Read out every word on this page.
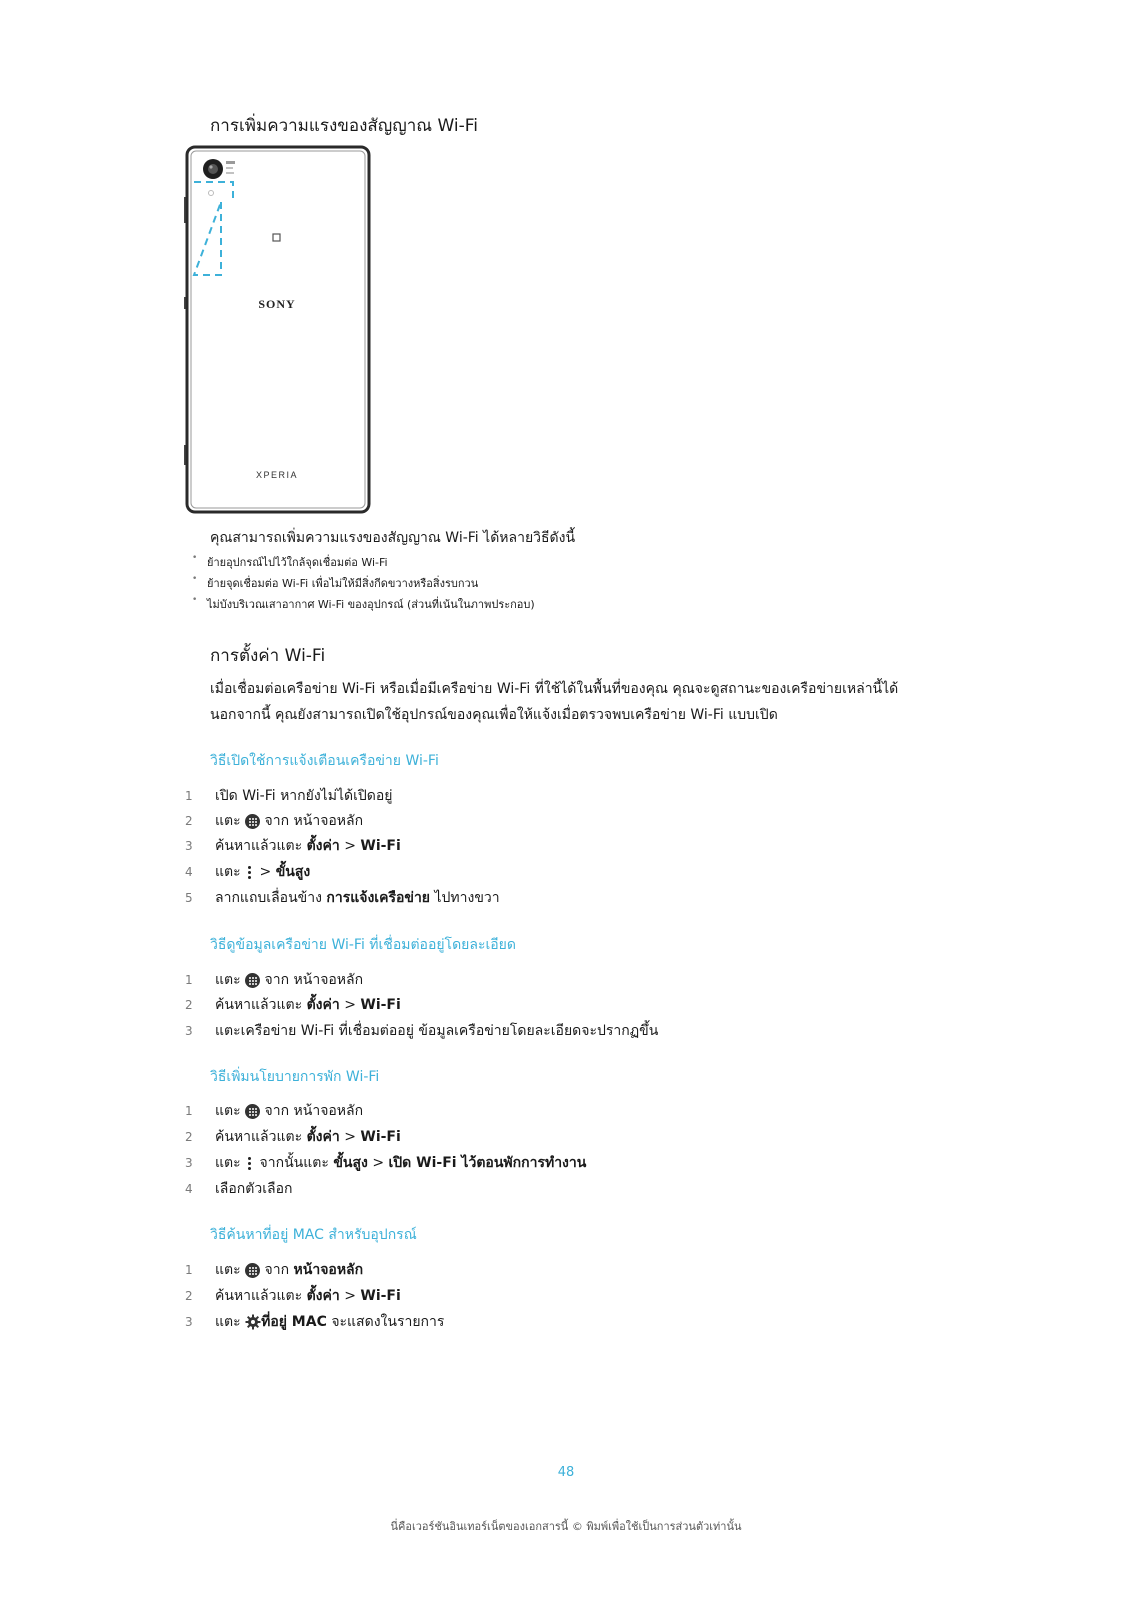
การเพิ่มความแรงของสัญญาณ Wi-Fi
SONY
XPERIA
คุณสามารถเพิ่มความแรงของสัญญาณ Wi-Fi ได้หลายวิธีดังนี้
• ย้ายอุปกรณ์ไปไว้ใกล้จุดเชื่อมต่อ Wi-Fi
• ย้ายจุดเชื่อมต่อ Wi-Fi เพื่อไม่ให้มีสิ่งกีดขวางหรือสิ่งรบกวน
• ไม่บังบริเวณเสาอากาศ Wi-Fi ของอุปกรณ์ (ส่วนที่เน้นในภาพประกอบ)
การตั้งค่า Wi-Fi
เมื่อเชื่อมต่อเครือข่าย Wi-Fi หรือเมื่อมีเครือข่าย Wi-Fi ที่ใช้ได้ในพื้นที่ของคุณ คุณจะดูสถานะของเครือข่ายเหล่านี้ได้
นอกจากนี้ คุณยังสามารถเปิดใช้อุปกรณ์ของคุณเพื่อให้แจ้งเมื่อตรวจพบเครือข่าย Wi-Fi แบบเปิด
วิธีเปิดใช้การแจ้งเตือนเครือข่าย Wi-Fi
1 เปิด Wi-Fi หากยังไม่ได้เปิดอยู่
2 แตะ จาก หน้าจอหลัก
3 ค้นหาแล้วแตะ ตั้งค่า > Wi-Fi
4 แตะ > ขั้นสูง
5 ลากแถบเลื่อนข้าง การแจ้งเครือข่าย ไปทางขวา
วิธีดูข้อมูลเครือข่าย Wi-Fi ที่เชื่อมต่ออยู่โดยละเอียด
1 แตะ จาก หน้าจอหลัก
2 ค้นหาแล้วแตะ ตั้งค่า > Wi-Fi
3 แตะเครือข่าย Wi-Fi ที่เชื่อมต่ออยู่ ข้อมูลเครือข่ายโดยละเอียดจะปรากฏขึ้น
วิธีเพิ่มนโยบายการพัก Wi-Fi
1 แตะ จาก หน้าจอหลัก
2 ค้นหาแล้วแตะ ตั้งค่า > Wi-Fi
3 แตะ จากนั้นแตะ ขั้นสูง > เปิด Wi-Fi ไว้ตอนพักการทำงาน
4 เลือกตัวเลือก
วิธีค้นหาที่อยู่ MAC สำหรับอุปกรณ์
1 แตะ จาก หน้าจอหลัก
2 ค้นหาแล้วแตะ ตั้งค่า > Wi-Fi
3 แตะ ที่อยู่ MAC จะแสดงในรายการ
48
นี่คือเวอร์ชันอินเทอร์เน็ตของเอกสารนี้ © พิมพ์เพื่อใช้เป็นการส่วนตัวเท่านั้น
